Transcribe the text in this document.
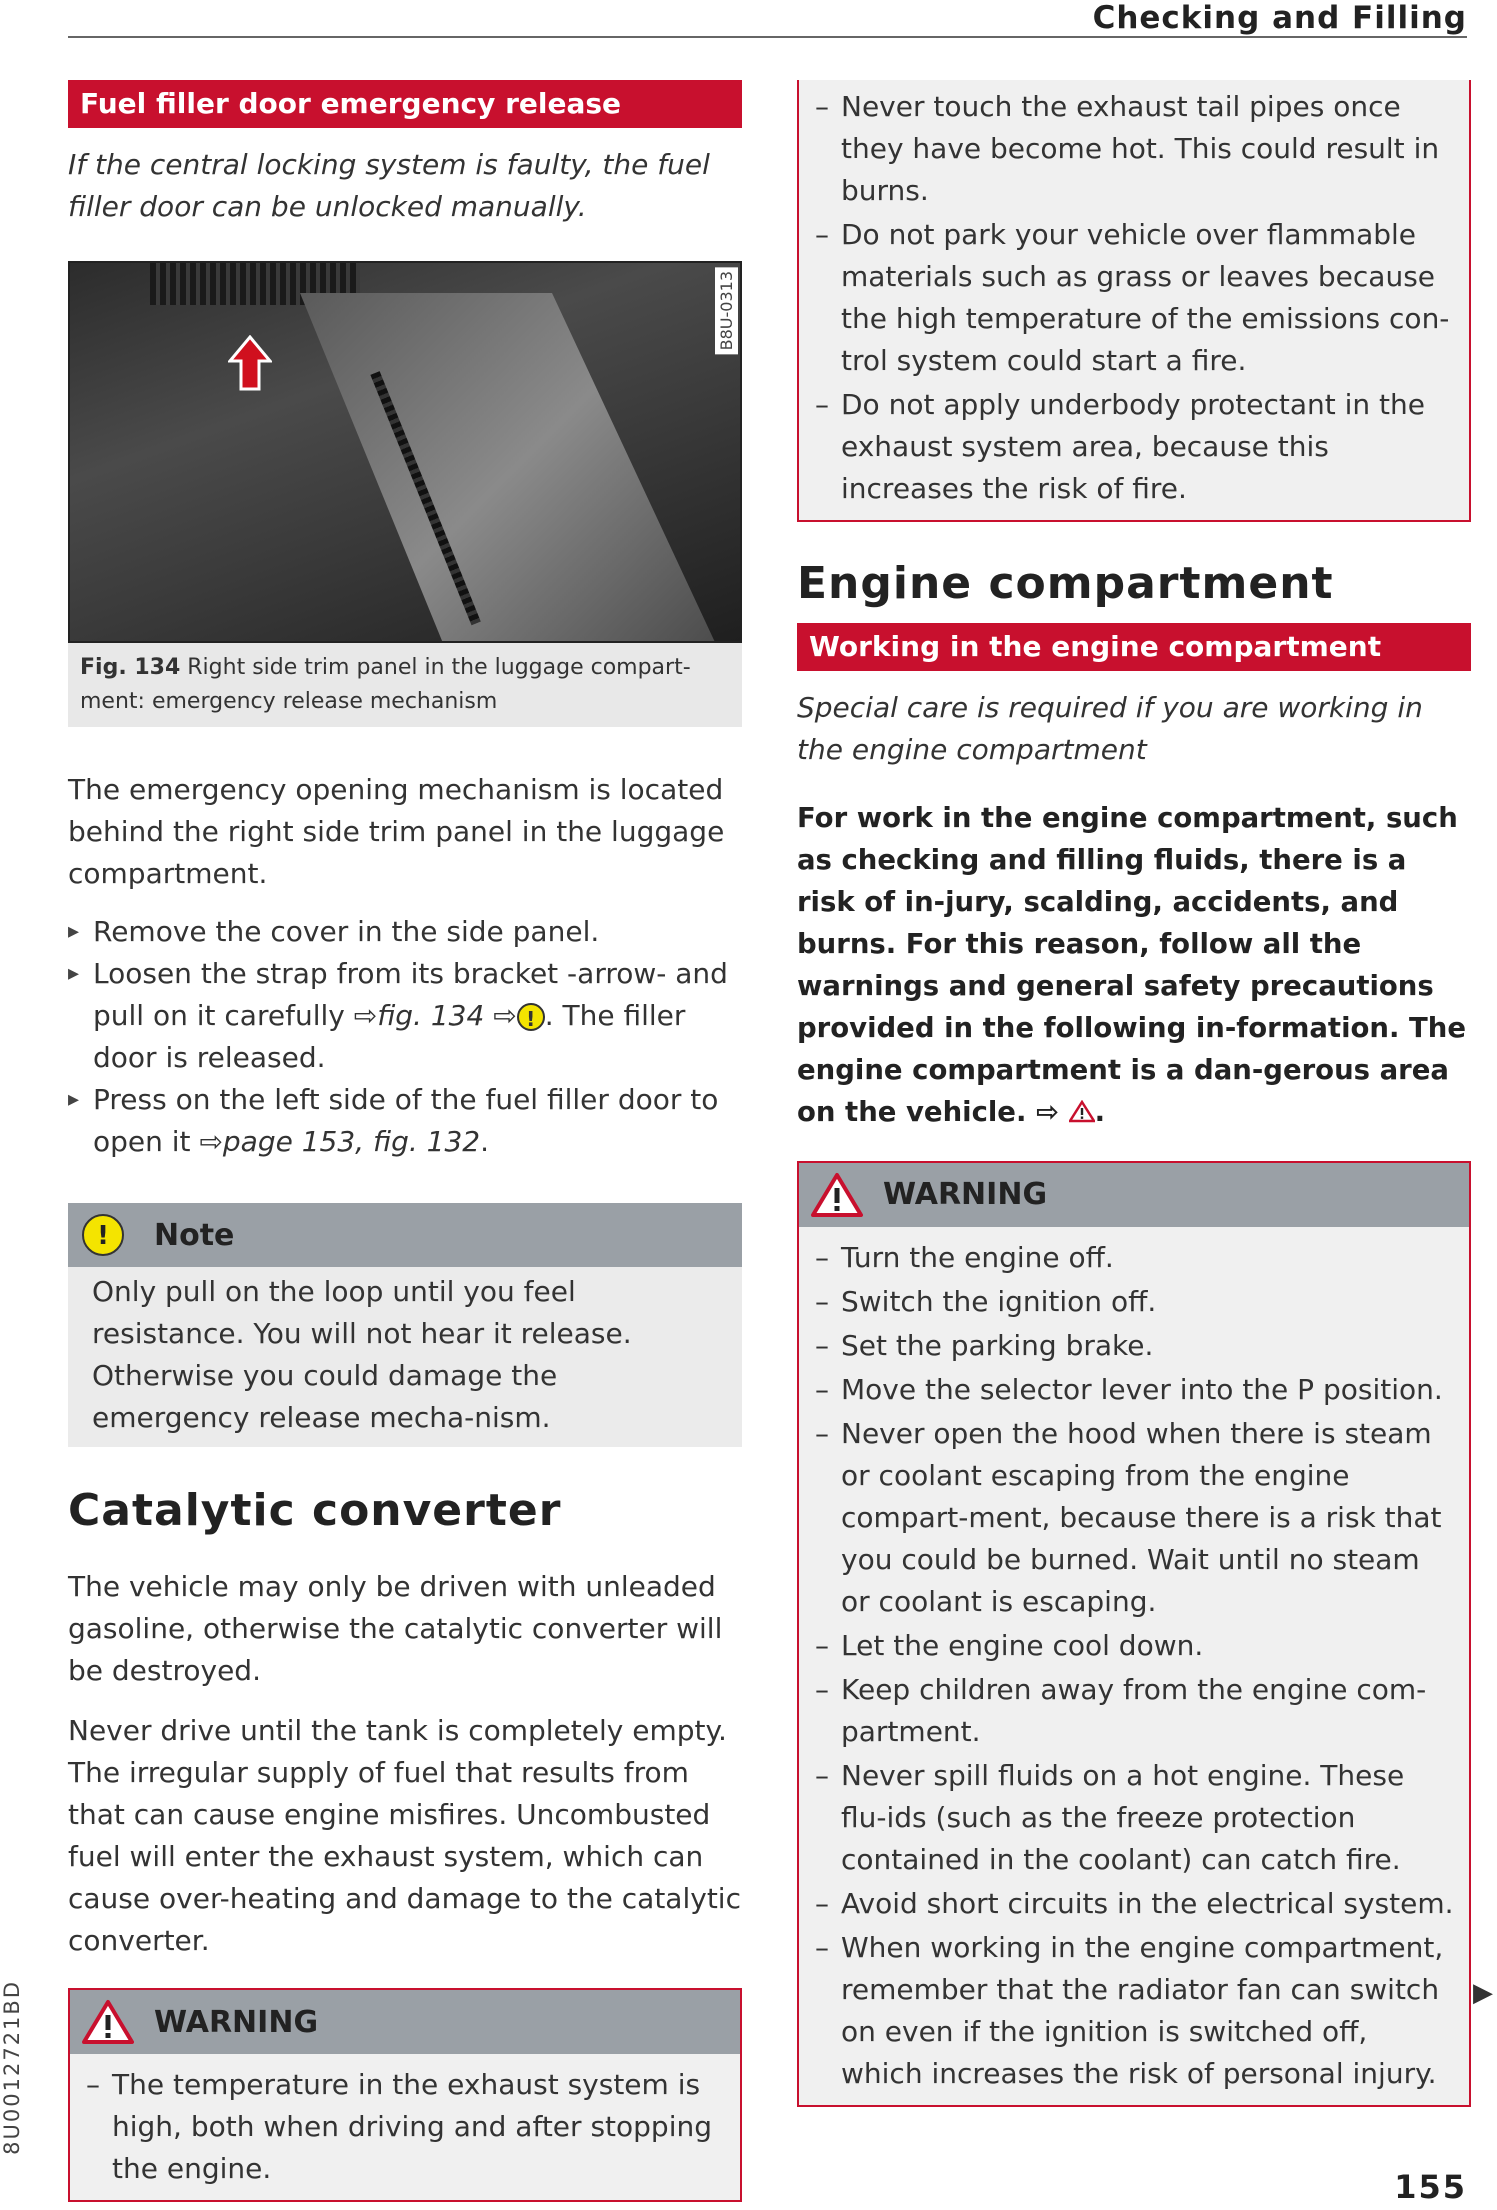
Checking and Filling
Fuel filler door emergency release

If the central locking system is faulty, the fuel filler door can be unlocked manually.

B8U-0313
Fig. 134 Right side trim panel in the luggage compart-ment: emergency release mechanism

The emergency opening mechanism is located behind the right side trim panel in the luggage compartment.

▸ Remove the cover in the side panel.
▸ Loosen the strap from its bracket -arrow- and pull on it carefully ⇨fig. 134 ⇨ ! . The filler door is released.
▸ Press on the left side of the fuel filler door to open it ⇨page 153, fig. 132.
!	Note
Only pull on the loop until you feel resistance. You will not hear it release. Otherwise you could damage the emergency release mecha-nism.
Catalytic converter

The vehicle may only be driven with unleaded gasoline, otherwise the catalytic converter will be destroyed.

Never drive until the tank is completely empty. The irregular supply of fuel that results from that can cause engine misfires. Uncombusted fuel will enter the exhaust system, which can cause over-heating and damage to the catalytic converter.

WARNING
– The temperature in the exhaust system is high, both when driving and after stopping the engine.
– Never touch the exhaust tail pipes once they have become hot. This could result in burns.
– Do not park your vehicle over flammable materials such as grass or leaves because the high temperature of the emissions con-trol system could start a fire.
– Do not apply underbody protectant in the exhaust system area, because this increases the risk of fire.
Engine compartment
Working in the engine compartment

Special care is required if you are working in the engine compartment

For work in the engine compartment, such as checking and filling fluids, there is a risk of in-jury, scalding, accidents, and burns. For this reason, follow all the warnings and general safety precautions provided in the following in-formation. The engine compartment is a dan-gerous area on the vehicle. ⇨ .

WARNING
– Turn the engine off.
– Switch the ignition off.
– Set the parking brake.
– Move the selector lever into the P position.
– Never open the hood when there is steam or coolant escaping from the engine compart-ment, because there is a risk that you could be burned. Wait until no steam or coolant is escaping.
– Let the engine cool down.
– Keep children away from the engine com-partment.
– Never spill fluids on a hot engine. These flu-ids (such as the freeze protection contained in the coolant) can catch fire.
– Avoid short circuits in the electrical system.
– When working in the engine compartment, remember that the radiator fan can switch on even if the ignition is switched off, which increases the risk of personal injury.
8U0012721BD	▶
155
